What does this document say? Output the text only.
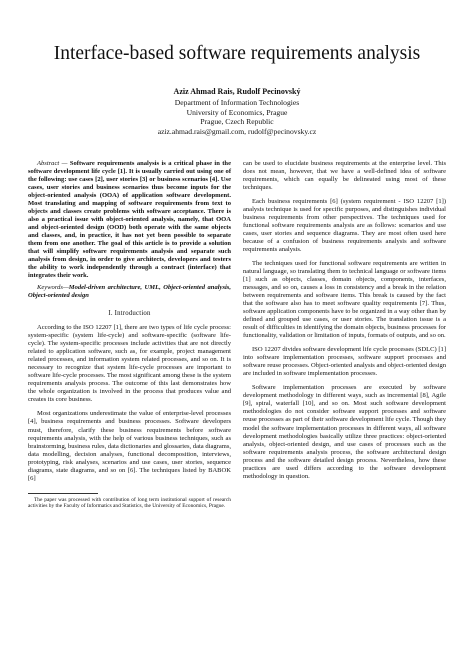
Interface-based software requirements analysis
Aziz Ahmad Rais, Rudolf Pecinovský
Department of Information Technologies
University of Economics, Prague
Prague, Czech Republic
aziz.ahmad.rais@gmail.com, rudolf@pecinovsky.cz

Abstract — Software requirements analysis is a critical phase in the software development life cycle [1]. It is usually carried out using one of the following: use cases [2], user stories [3] or business scenarios [4]. Use cases, user stories and business scenarios thus become inputs for the object-oriented analysis (OOA) of application software development. Most translating and mapping of software requirements from text to objects and classes create problems with software acceptance. There is also a practical issue with object-oriented analysis, namely, that OOA and object-oriented design (OOD) both operate with the same objects and classes, and, in practice, it has not yet been possible to separate them from one another. The goal of this article is to provide a solution that will simplify software requirements analysis and separate such analysis from design, in order to give architects, developers and testers the ability to work independently through a contract (interface) that integrates their work.

Keywords—Model-driven architecture, UML, Object-oriented analysis, Object-oriented design

I. Introduction

According to the ISO 12207 [1], there are two types of life cycle process: system-specific (system life-cycle) and software-specific (software life-cycle). The system-specific processes include activities that are not directly related to application software, such as, for example, project management related processes, and information system related processes, and so on. It is necessary to recognize that system life-cycle processes are important to software life-cycle processes. The most significant among these is the system requirements analysis process. The outcome of this last demonstrates how the whole organization is involved in the process that produces value and creates its core business.

Most organizations underestimate the value of enterprise-level processes [4], business requirements and business processes. Software developers must, therefore, clarify these business requirements before software requirements analysis, with the help of various business techniques, such as brainstorming, business rules, data dictionaries and glossaries, data diagrams, data modelling, decision analyses, functional decomposition, interviews, prototyping, risk analyses, scenarios and use cases, user stories, sequence diagrams, state diagrams, and so on [6]. The techniques listed by BABOK [6]

The paper was processed with contribution of long term institutional support of research activities by the Faculty of Informatics and Statistics, the University of Economics, Prague.

can be used to elucidate business requirements at the enterprise level. This does not mean, however, that we have a well-defined idea of software requirements, which can equally be delineated using most of these techniques.

Each business requirements [6] (system requirement - ISO 12207 [1]) analysis technique is used for specific purposes, and distinguishes individual business requirements from other perspectives. The techniques used for functional software requirements analysis are as follows: scenarios and use cases, user stories and sequence diagrams. They are most often used here because of a confusion of business requirements analysis and software requirements analysis.

The techniques used for functional software requirements are written in natural language, so translating them to technical language or software items [1] such as objects, classes, domain objects, components, interfaces, messages, and so on, causes a loss in consistency and a break in the relation between requirements and software items. This break is caused by the fact that the software also has to meet software quality requirements [7]. Thus, software application components have to be organized in a way other than by defined and grouped use cases, or user stories. The translation issue is a result of difficulties in identifying the domain objects, business processes for functionality, validation or limitation of inputs, formats of outputs, and so on.

ISO 12207 divides software development life cycle processes (SDLC) [1] into software implementation processes, software support processes and software reuse processes. Object-oriented analysis and object-oriented design are included in software implementation processes.

Software implementation processes are executed by software development methodology in different ways, such as incremental [8], Agile [9], spiral, waterfall [10], and so on. Most such software development methodologies do not consider software support processes and software reuse processes as part of their software development life cycle. Though they model the software implementation processes in different ways, all software development methodologies basically utilize three practices: object-oriented analysis, object-oriented design, and use cases of processes such as the software requirements analysis process, the software architectural design process and the software detailed design process. Nevertheless, how these practices are used differs according to the software development methodology in question.
